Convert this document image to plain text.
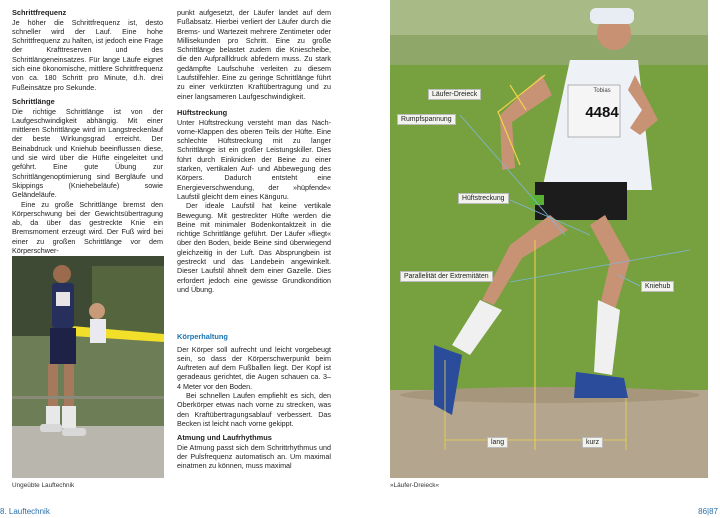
Schrittfrequenz

Je höher die Schrittfrequenz ist, desto schneller wird der Lauf. Eine hohe Schrittfrequenz zu halten, ist jedoch eine Frage der Krafttreserven und des Schrittlängeneinsatzes. Für lange Läufe eignet sich eine ökonomische, mittlere Schrittfrequenz von ca. 180 Schritt pro Minute, d.h. drei Fußeinsätze pro Sekunde.

Schrittlänge

Die richtige Schrittlänge ist von der Laufgeschwindigkeit abhängig. Mit einer mittleren Schrittlänge wird im Langstreckenlauf der beste Wirkungsgrad erreicht. Der Beinabdruck und Kniehub beeinflussen diese, und sie wird über die Hüfte eingeleitet und geführt. Eine gute Übung zur Schrittlängenoptimierung sind Bergläufe und Skippings (Kniehebeläufe) sowie Geländeläufe.

Eine zu große Schrittlänge bremst den Körperschwung bei der Gewichtsübertragung ab, da über das gestreckte Knie ein Bremsmoment erzeugt wird. Der Fuß wird bei einer zu großen Schrittlänge vor dem Körperschwer-

punkt aufgesetzt, der Läufer landet auf dem Fußabsatz. Hierbei verliert der Läufer durch die Brems- und Wartezeit mehrere Zentimeter oder Millisekunden pro Schritt. Eine zu große Schrittlänge belastet zudem die Kniescheibe, die den Aufprallldruck abfedern muss. Zu stark gedämpfte Laufschuhe verleiten zu diesem Laufstilfehler. Eine zu geringe Schrittlänge führt zu einer verkürzten Kraftübertragung und zu einer langsameren Laufgeschwindigkeit.

Hüftstreckung

Unter Hüftstreckung versteht man das Nach-vorne-Klappen des oberen Teils der Hüfte. Eine schlechte Hüftstreckung mit zu langer Schrittlänge ist ein großer Leistungskiller. Dies führt durch Einknicken der Beine zu einer starken, vertikalen Auf- und Abbewegung des Körpers. Dadurch entsteht eine Energieverschwendung, der »hüpfende« Laufstil gleicht dem eines Känguru.

Der ideale Laufstil hat keine vertikale Bewegung. Mit gestreckter Hüfte werden die Beine mit minimaler Bodenkontaktzeit in die richtige Schrittlänge geführt. Der Läufer »fliegt« über den Boden, beide Beine sind überwiegend gleichzeitig in der Luft. Das Absprungbein ist gestreckt und das Landebein angewinkelt. Dieser Laufstil ähnelt dem einer Gazelle. Dies erfordert jedoch eine gewisse Grundkondition und Übung.

Körperhaltung

Der Körper soll aufrecht und leicht vorgebeugt sein, so dass der Körperschwerpunkt beim Auftreten auf dem Fußballen liegt. Der Kopf ist geradeaus gerichtet, die Augen schauen ca. 3–4 Meter vor den Boden.

Bei schnellen Laufen empfiehlt es sich, den Oberkörper etwas nach vorne zu strecken, was den Kraftübertragungsablauf verbessert. Das Becken ist leicht nach vorne gekippt.

Atmung und Laufrhythmus

Die Atmung passt sich dem Schrittrhythmus und der Pulsfrequenz automatisch an. Um maximal einatmen zu können, muss maximal

Ungeübte Lauftechnik
Tobias
4484
Läufer-Dreieck
Rumpfspannung
Hüftstreckung
Parallelität der Extremitäten
Kniehub
lang	kurz
»Läufer-Dreieck«
8. Lauftechnik	86|87
